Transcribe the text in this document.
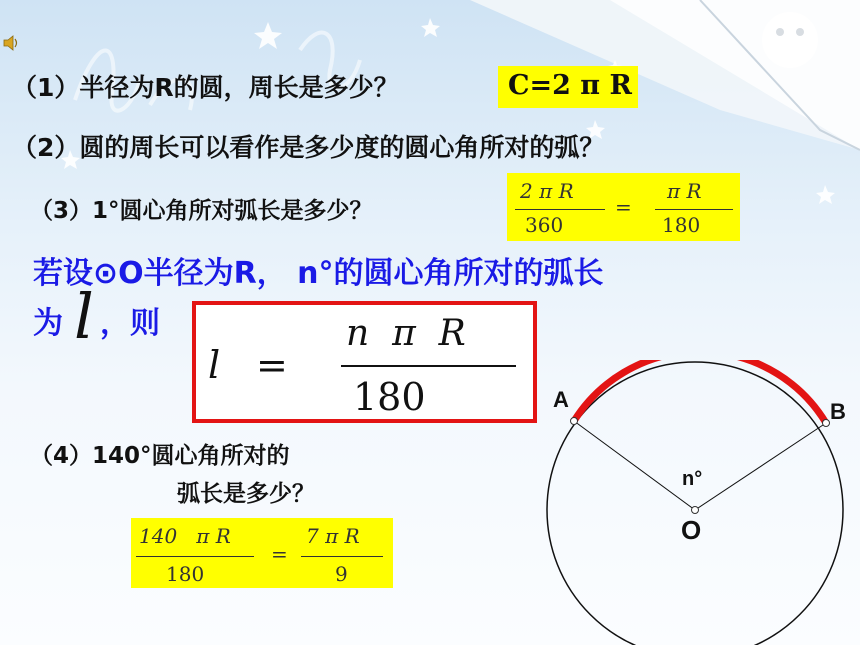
（1）半径为R的圆，周长是多少？	C=2 π R
（2）圆的周长可以看作是多少度的圆心角所对的弧？
（3）1°圆心角所对弧长是多少？
2 π R
360
=
π R
180
若设⊙O半径为R， n°的圆心角所对的弧长
为 l ，则
l =
n  π  R
180
（4）140°圆心角所对的
弧长是多少？
140   π R
180
=
7 π R
9
A	B
O
n°
